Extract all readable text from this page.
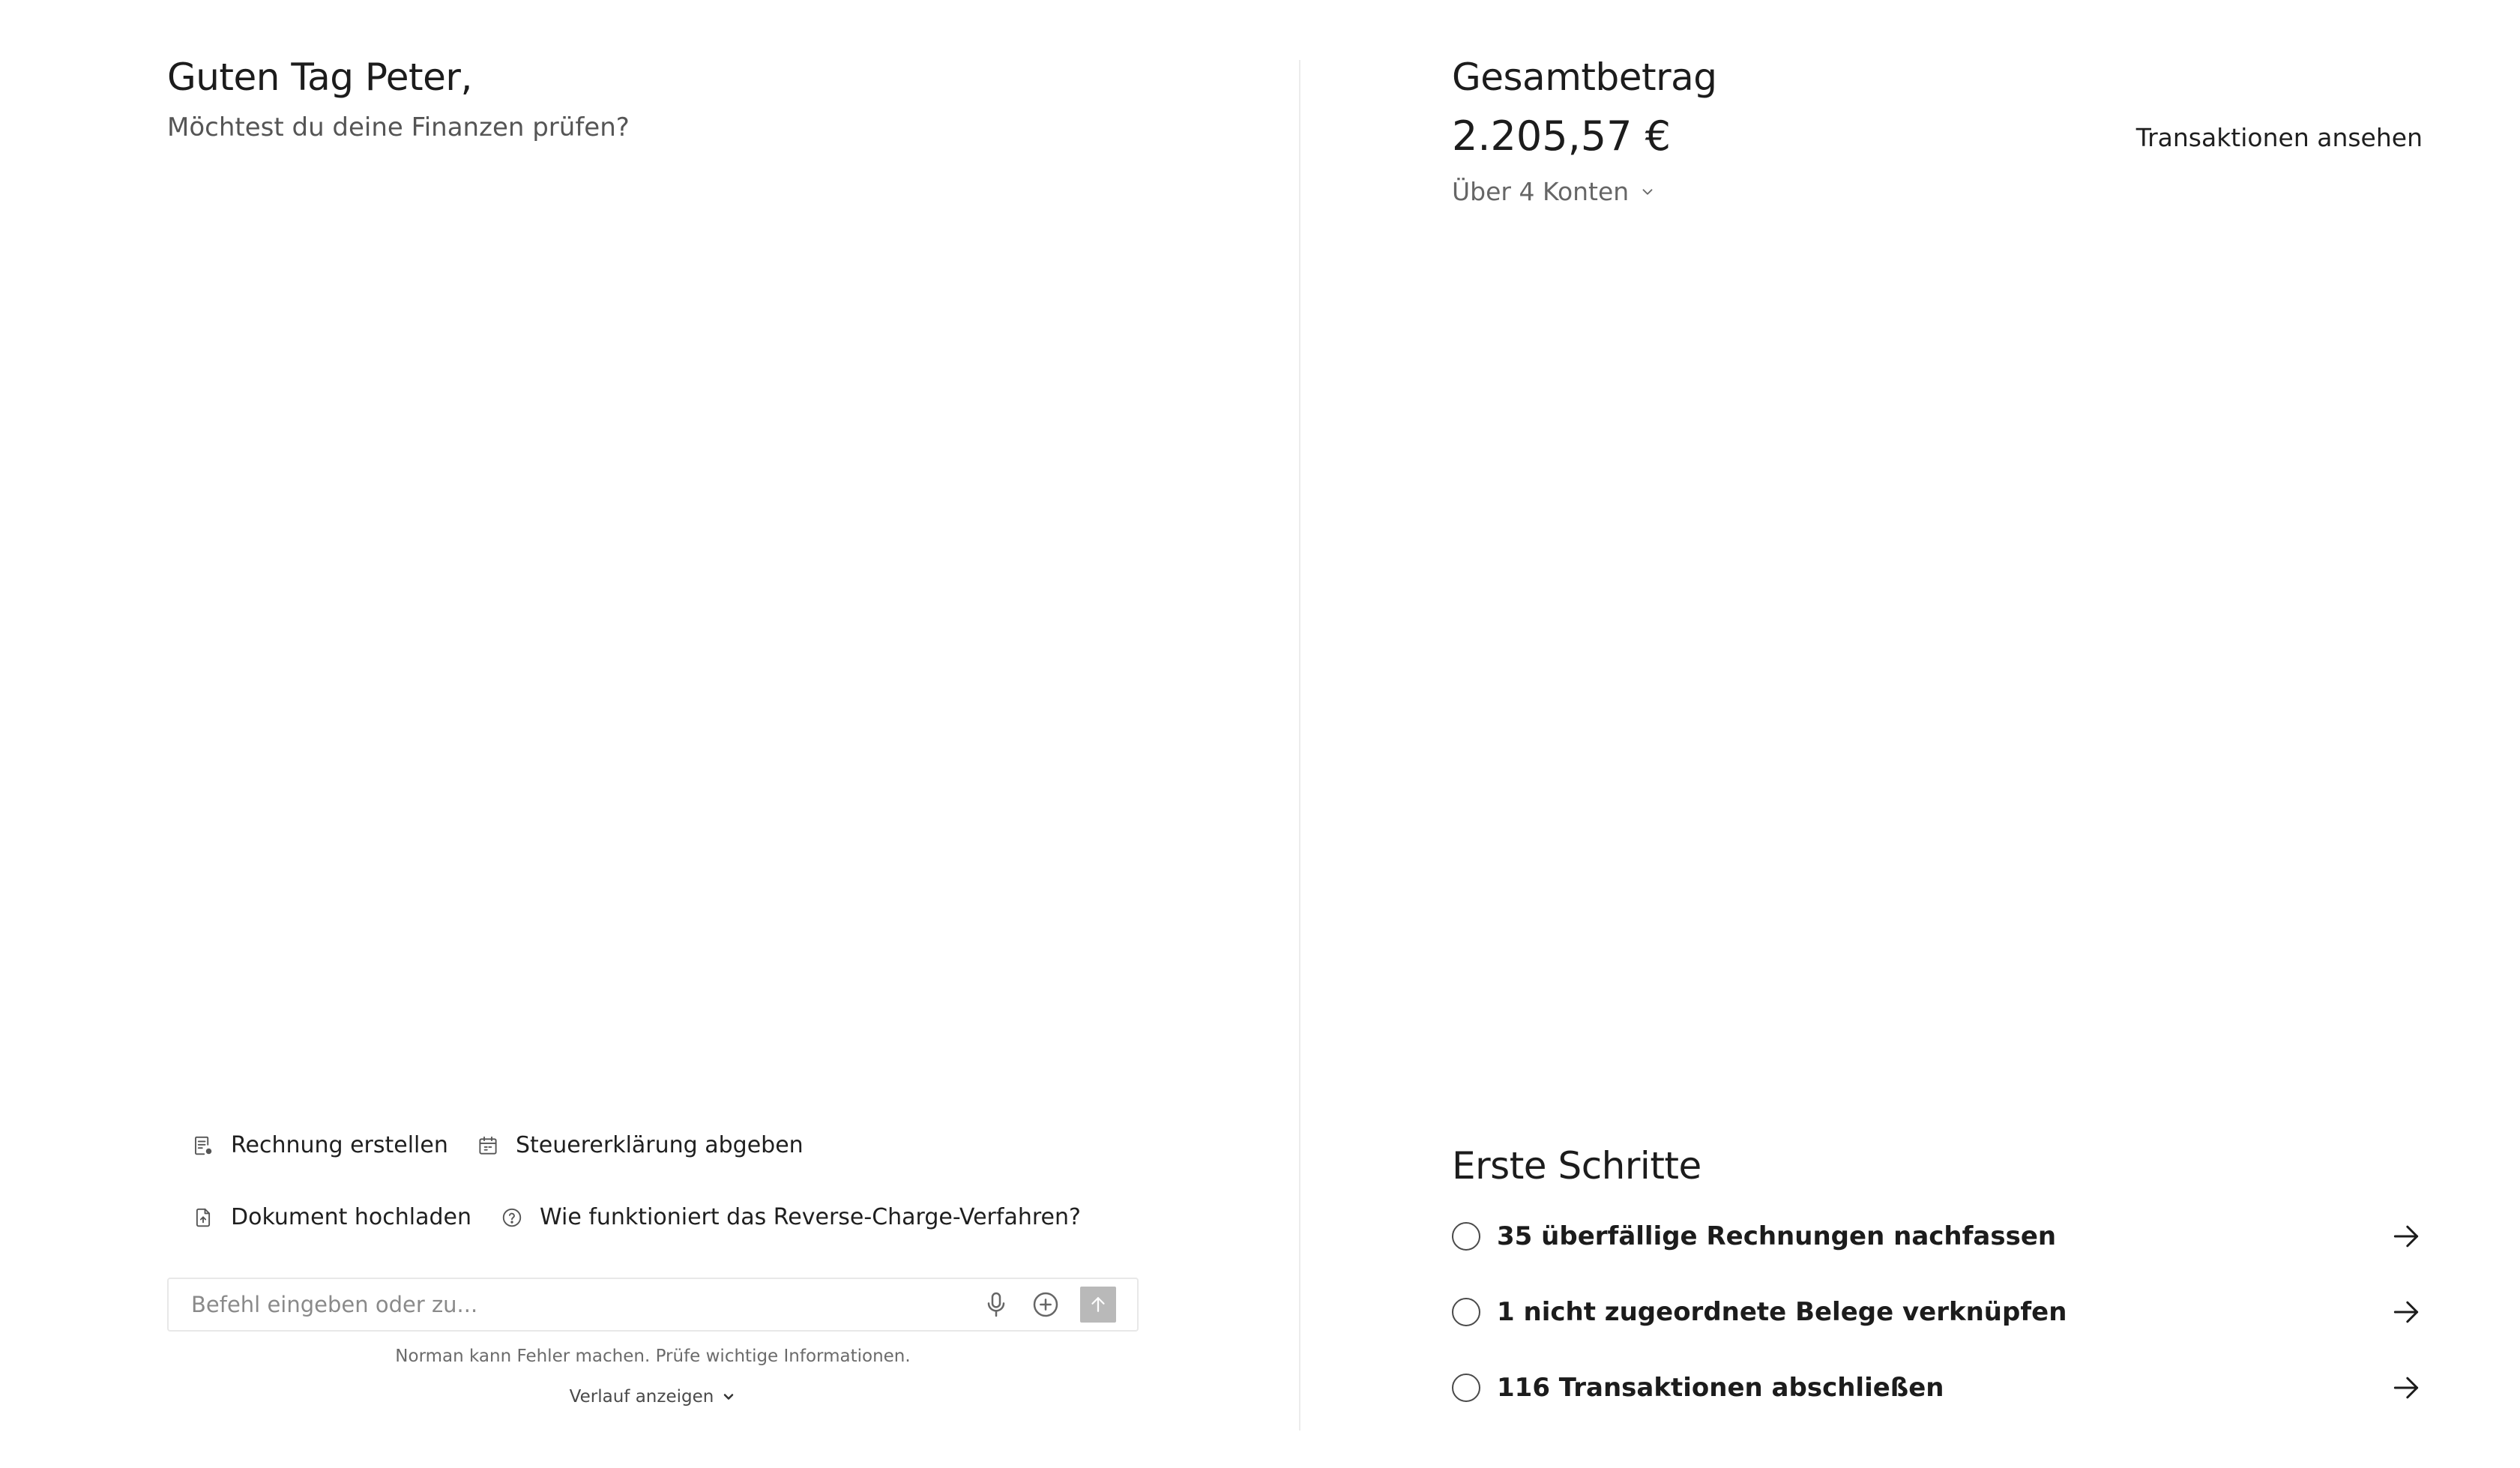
Guten Tag Peter,
Möchtest du deine Finanzen prüfen?
Rechnung erstellen	Steuererklärung abgeben
Dokument hochladen	Wie funktioniert das Reverse-Charge-Verfahren?
Befehl eingeben oder zu...
Norman kann Fehler machen. Prüfe wichtige Informationen.
Verlauf anzeigen
Gesamtbetrag
2.205,57 €	Transaktionen ansehen
Über 4 Konten
Erste Schritte
35 überfällige Rechnungen nachfassen
1 nicht zugeordnete Belege verknüpfen
116 Transaktionen abschließen
